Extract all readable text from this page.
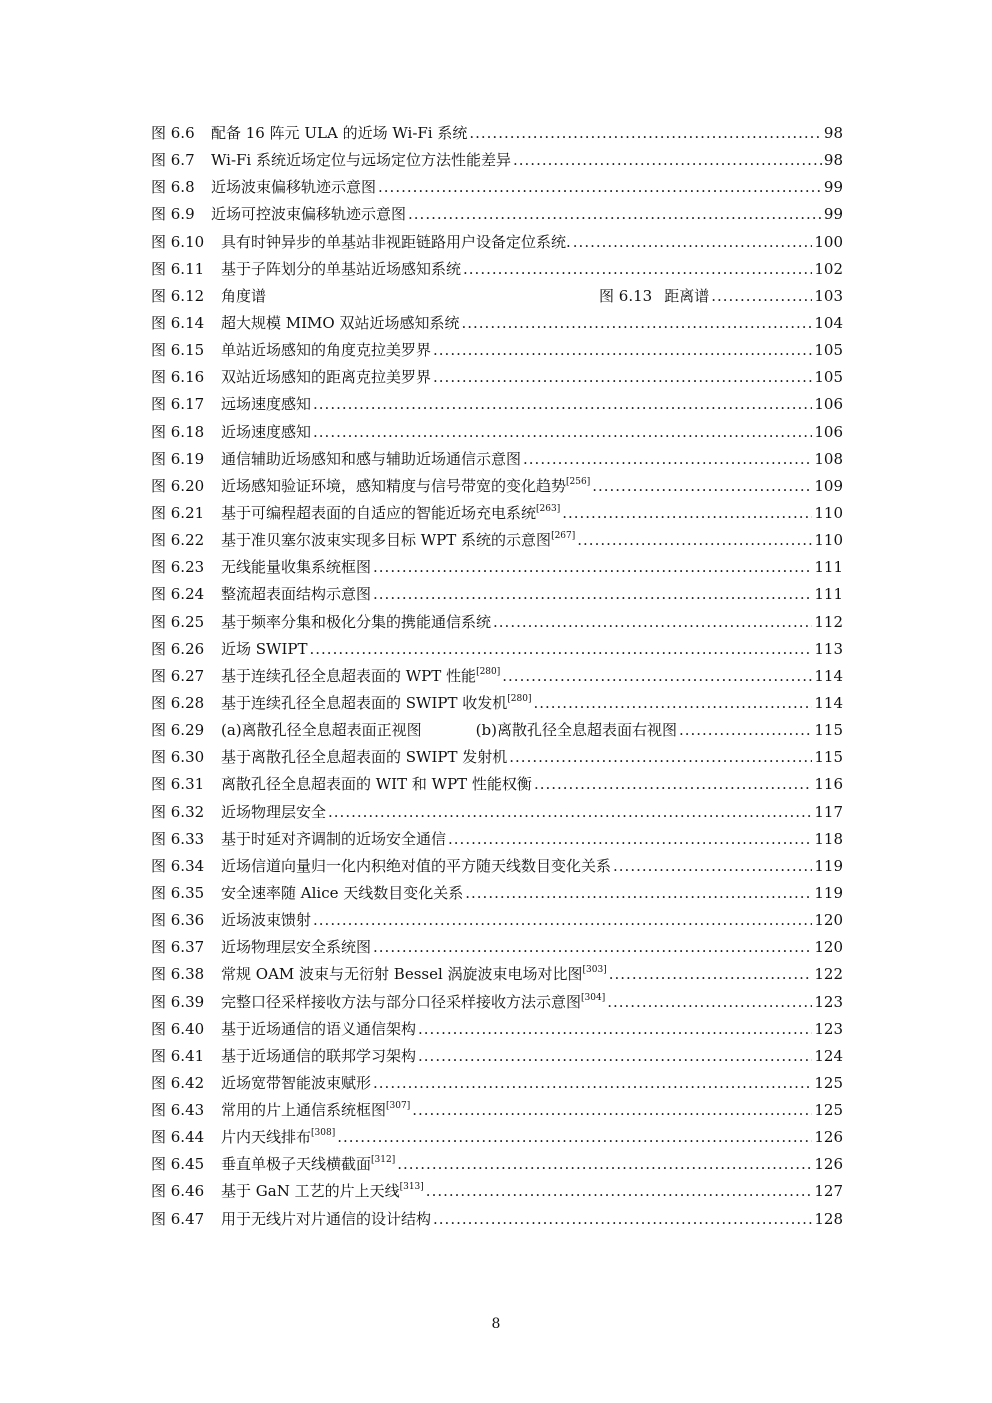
图 6.6 配备 16 阵元 ULA 的近场 Wi-Fi 系统 .....	98
图 6.7 Wi-Fi 系统近场定位与远场定位方法性能差异 .....	98
图 6.8 近场波束偏移轨迹示意图 .....	99
图 6.9 近场可控波束偏移轨迹示意图 .....	99
图 6.10 具有时钟异步的单基站非视距链路用户设备定位系统. .....	100
图 6.11 基于子阵划分的单基站近场感知系统 .....	102
图 6.12 角度谱	图 6.13 距离谱 .....	103
图 6.14 超大规模 MIMO 双站近场感知系统 .....	104
图 6.15 单站近场感知的角度克拉美罗界 .....	105
图 6.16 双站近场感知的距离克拉美罗界 .....	105
图 6.17 远场速度感知 .....	106
图 6.18 近场速度感知 .....	106
图 6.19 通信辅助近场感知和感与辅助近场通信示意图 .....	108
图 6.20 近场感知验证环境，感知精度与信号带宽的变化趋势[256] .....	109
图 6.21 基于可编程超表面的自适应的智能近场充电系统[263] .....	110
图 6.22 基于准贝塞尔波束实现多目标 WPT 系统的示意图[267] .....	110
图 6.23 无线能量收集系统框图 .....	111
图 6.24 整流超表面结构示意图 .....	111
图 6.25 基于频率分集和极化分集的携能通信系统 .....	112
图 6.26 近场 SWIPT .....	113
图 6.27 基于连续孔径全息超表面的 WPT 性能[280] .....	114
图 6.28 基于连续孔径全息超表面的 SWIPT 收发机[280] .....	114
图 6.29 (a)离散孔径全息超表面正视图	(b)离散孔径全息超表面右视图 .....	115
图 6.30 基于离散孔径全息超表面的 SWIPT 发射机 .....	115
图 6.31 离散孔径全息超表面的 WIT 和 WPT 性能权衡 .....	116
图 6.32 近场物理层安全 .....	117
图 6.33 基于时延对齐调制的近场安全通信 .....	118
图 6.34 近场信道向量归一化内积绝对值的平方随天线数目变化关系 .....	119
图 6.35 安全速率随 Alice 天线数目变化关系 .....	119
图 6.36 近场波束馈射 .....	120
图 6.37 近场物理层安全系统图 .....	120
图 6.38 常规 OAM 波束与无衍射 Bessel 涡旋波束电场对比图[303] .....	122
图 6.39 完整口径采样接收方法与部分口径采样接收方法示意图[304] .....	123
图 6.40 基于近场通信的语义通信架构 .....	123
图 6.41 基于近场通信的联邦学习架构 .....	124
图 6.42 近场宽带智能波束赋形 .....	125
图 6.43 常用的片上通信系统框图[307] .....	125
图 6.44 片内天线排布[308] .....	126
图 6.45 垂直单极子天线横截面[312] .....	126
图 6.46 基于 GaN 工艺的片上天线[313] .....	127
图 6.47 用于无线片对片通信的设计结构 .....	128
8
